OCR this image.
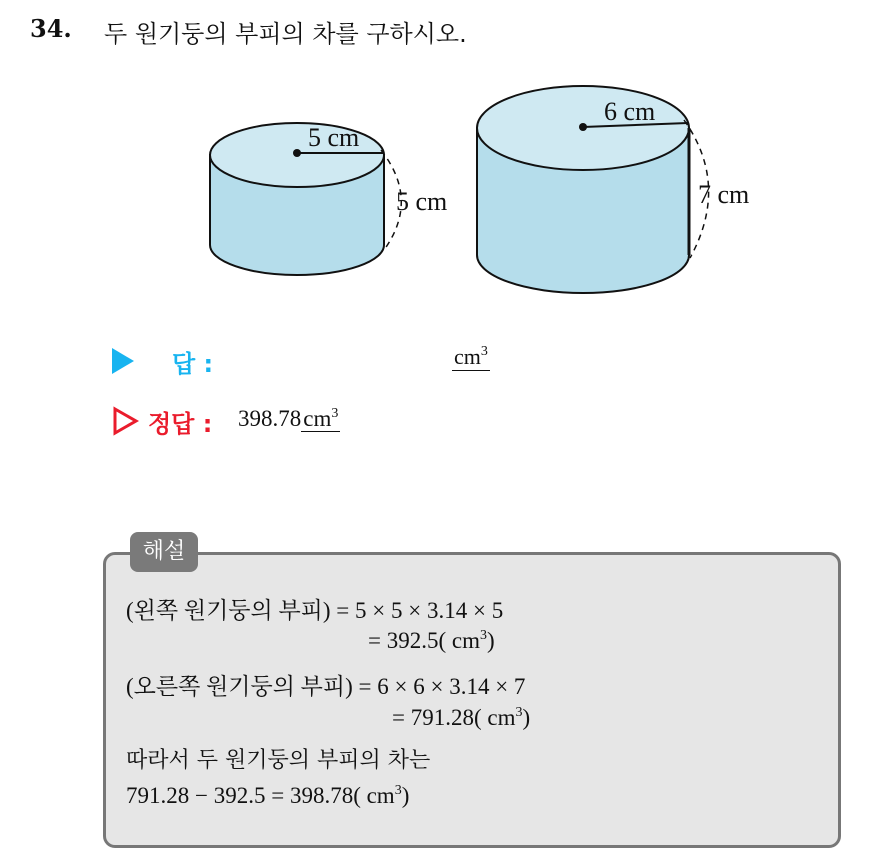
34. 두 원기둥의 부피의 차를 구하시오.
5 cm
5 cm
6 cm
7 cm
답 :	$cm^3$
정답 : $398.78cm^3$
해설
(왼쪽 원기둥의 부피) = 5 × 5 × 3.14 × 5
= 392.5( $cm^3$)
(오른쪽 원기둥의 부피) = 6 × 6 × 3.14 × 7
= 791.28( $cm^3$)
따라서 두 원기둥의 부피의 차는
791.28 − 392.5 = 398.78( $cm^3$)
